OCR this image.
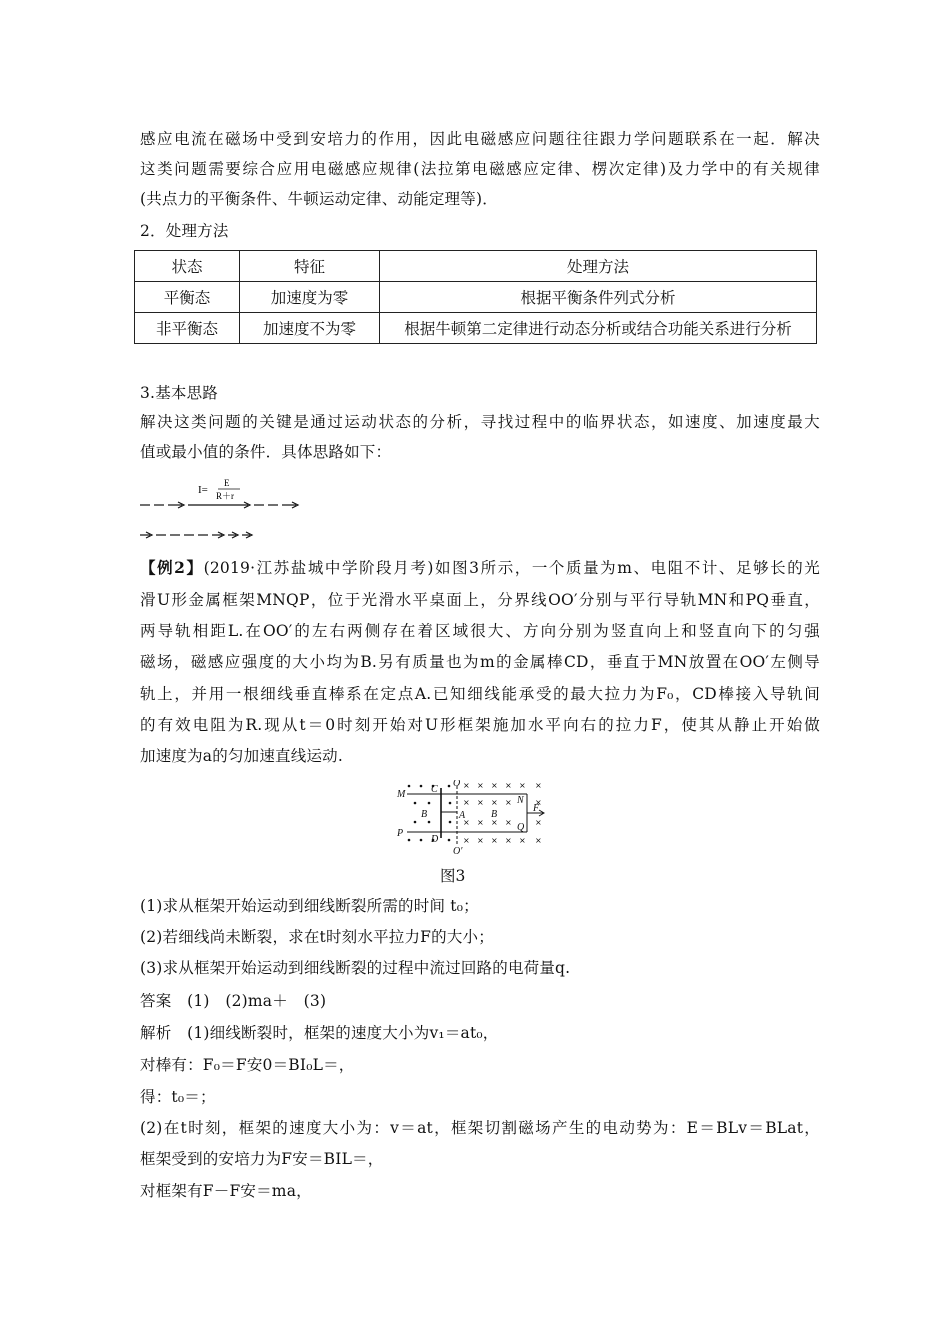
感应电流在磁场中受到安培力的作用，因此电磁感应问题往往跟力学问题联系在一起．解决
这类问题需要综合应用电磁感应规律(法拉第电磁感应定律、楞次定律)及力学中的有关规律
(共点力的平衡条件、牛顿运动定律、动能定理等)．
2．处理方法
状态	特征	处理方法
平衡态	加速度为零	根据平衡条件列式分析
非平衡态	加速度不为零	根据牛顿第二定律进行动态分析或结合功能关系进行分析
3.基本思路
解决这类问题的关键是通过运动状态的分析，寻找过程中的临界状态，如速度、加速度最大
值或最小值的条件．具体思路如下：
I=
E
R＋r
【例2】(2019·江苏盐城中学阶段月考)如图3所示，一个质量为m、电阻不计、足够长的光
滑U形金属框架MNQP，位于光滑水平桌面上，分界线OO′分别与平行导轨MN和PQ垂直，
两导轨相距L.在OO′的左右两侧存在着区域很大、方向分别为竖直向上和竖直向下的匀强
磁场，磁感应强度的大小均为B.另有质量也为m的金属棒CD，垂直于MN放置在OO′左侧导
轨上，并用一根细线垂直棒系在定点A.已知细线能承受的最大拉力为F₀，CD棒接入导轨间
的有效电阻为R.现从t＝0时刻开始对U形框架施加水平向右的拉力F，使其从静止开始做
加速度为a的匀加速直线运动.
× × × × × ×
× × × ×	×
× × × ×	×
× × × × × ×
M
P
C
D
O
O′
A
B	B
N
Q
F
图3
(1)求从框架开始运动到细线断裂所需的时间 t₀；
(2)若细线尚未断裂，求在t时刻水平拉力F的大小；
(3)求从框架开始运动到细线断裂的过程中流过回路的电荷量q.
答案　(1)　(2)ma＋　(3)
解析　(1)细线断裂时，框架的速度大小为v₁＝at₀，
对棒有：F₀＝F安0＝BI₀L＝，
得：t₀＝；
(2)在t时刻，框架的速度大小为：v＝at，框架切割磁场产生的电动势为：E＝BLv＝BLat，
框架受到的安培力为F安＝BIL＝，
对框架有F－F安＝ma，
